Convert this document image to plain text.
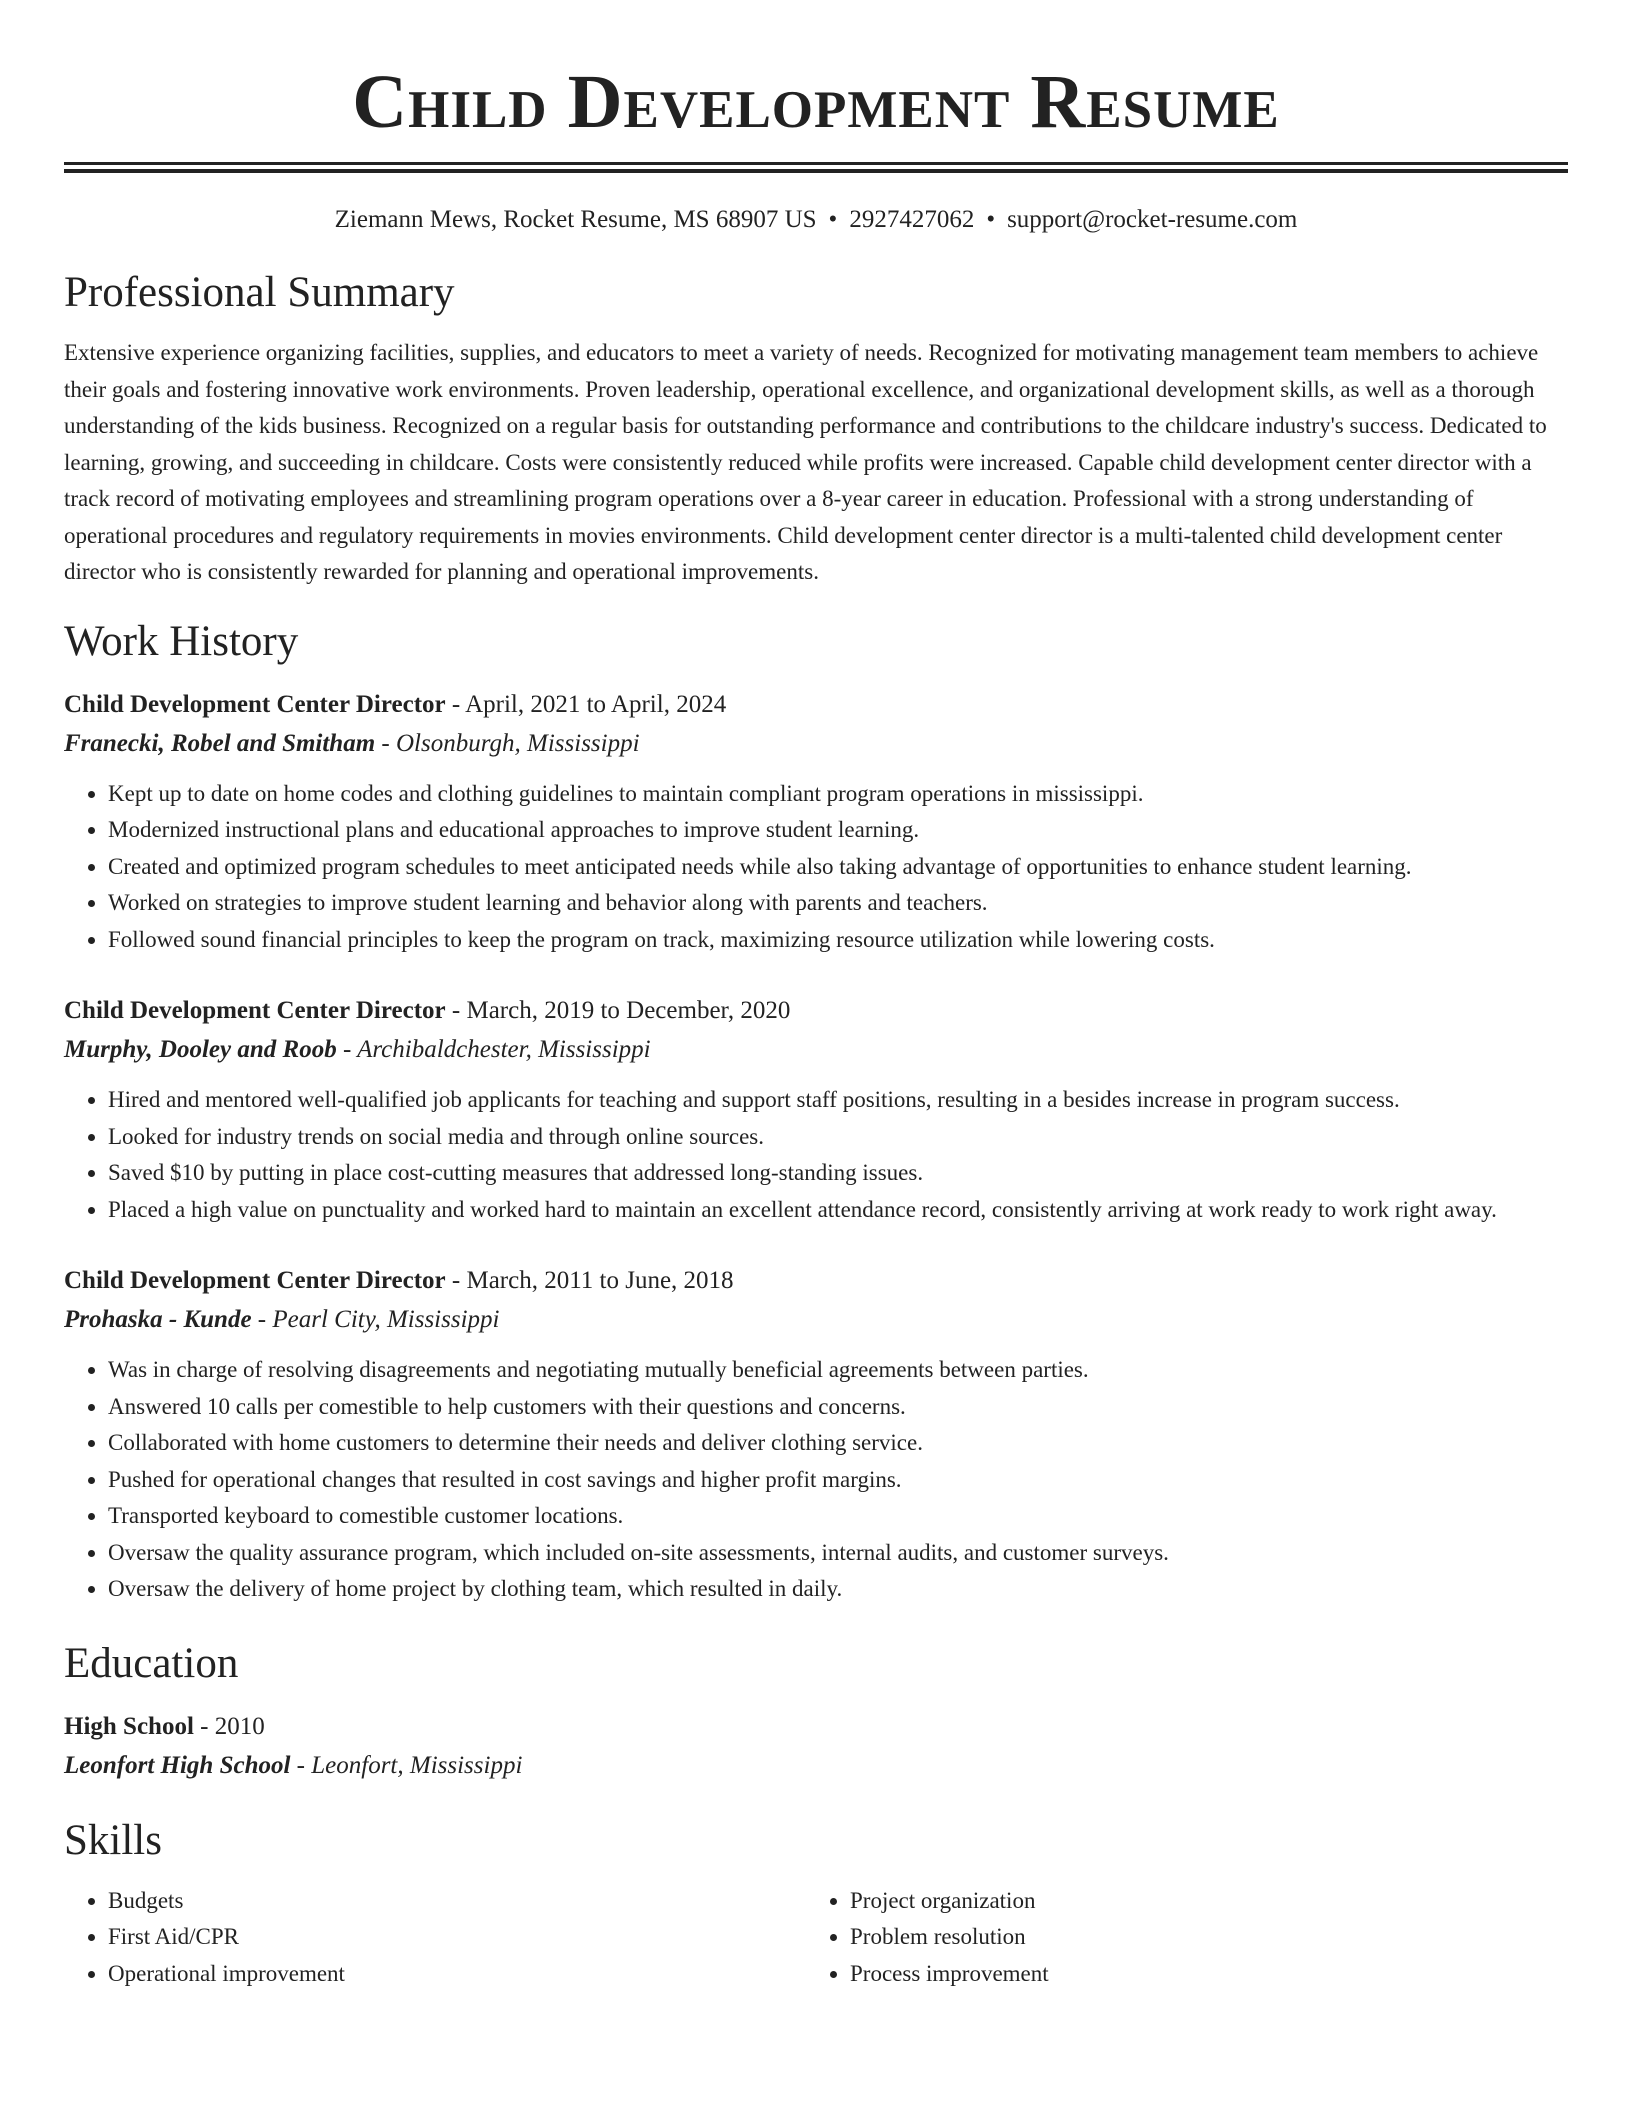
Child Development Resume
Ziemann Mews, Rocket Resume, MS 68907 US • 2927427062 • support@rocket-resume.com
Professional Summary

Extensive experience organizing facilities, supplies, and educators to meet a variety of needs. Recognized for motivating management team members to achieve their goals and fostering innovative work environments. Proven leadership, operational excellence, and organizational development skills, as well as a thorough understanding of the kids business. Recognized on a regular basis for outstanding performance and contributions to the childcare industry's success. Dedicated to learning, growing, and succeeding in childcare. Costs were consistently reduced while profits were increased. Capable child development center director with a track record of motivating employees and streamlining program operations over a 8-year career in education. Professional with a strong understanding of operational procedures and regulatory requirements in movies environments. Child development center director is a multi-talented child development center director who is consistently rewarded for planning and operational improvements.

Work History
Child Development Center Director - April, 2021 to April, 2024
Franecki, Robel and Smitham - Olsonburgh, Mississippi
• Kept up to date on home codes and clothing guidelines to maintain compliant program operations in mississippi.
• Modernized instructional plans and educational approaches to improve student learning.
• Created and optimized program schedules to meet anticipated needs while also taking advantage of opportunities to enhance student learning.
• Worked on strategies to improve student learning and behavior along with parents and teachers.
• Followed sound financial principles to keep the program on track, maximizing resource utilization while lowering costs.
Child Development Center Director - March, 2019 to December, 2020
Murphy, Dooley and Roob - Archibaldchester, Mississippi
• Hired and mentored well-qualified job applicants for teaching and support staff positions, resulting in a besides increase in program success.
• Looked for industry trends on social media and through online sources.
• Saved $10 by putting in place cost-cutting measures that addressed long-standing issues.
• Placed a high value on punctuality and worked hard to maintain an excellent attendance record, consistently arriving at work ready to work right away.
Child Development Center Director - March, 2011 to June, 2018
Prohaska - Kunde - Pearl City, Mississippi
• Was in charge of resolving disagreements and negotiating mutually beneficial agreements between parties.
• Answered 10 calls per comestible to help customers with their questions and concerns.
• Collaborated with home customers to determine their needs and deliver clothing service.
• Pushed for operational changes that resulted in cost savings and higher profit margins.
• Transported keyboard to comestible customer locations.
• Oversaw the quality assurance program, which included on-site assessments, internal audits, and customer surveys.
• Oversaw the delivery of home project by clothing team, which resulted in daily.
Education
High School - 2010
Leonfort High School - Leonfort, Mississippi
Skills
• Budgets
• First Aid/CPR
• Operational improvement
• Project organization
• Problem resolution
• Process improvement
